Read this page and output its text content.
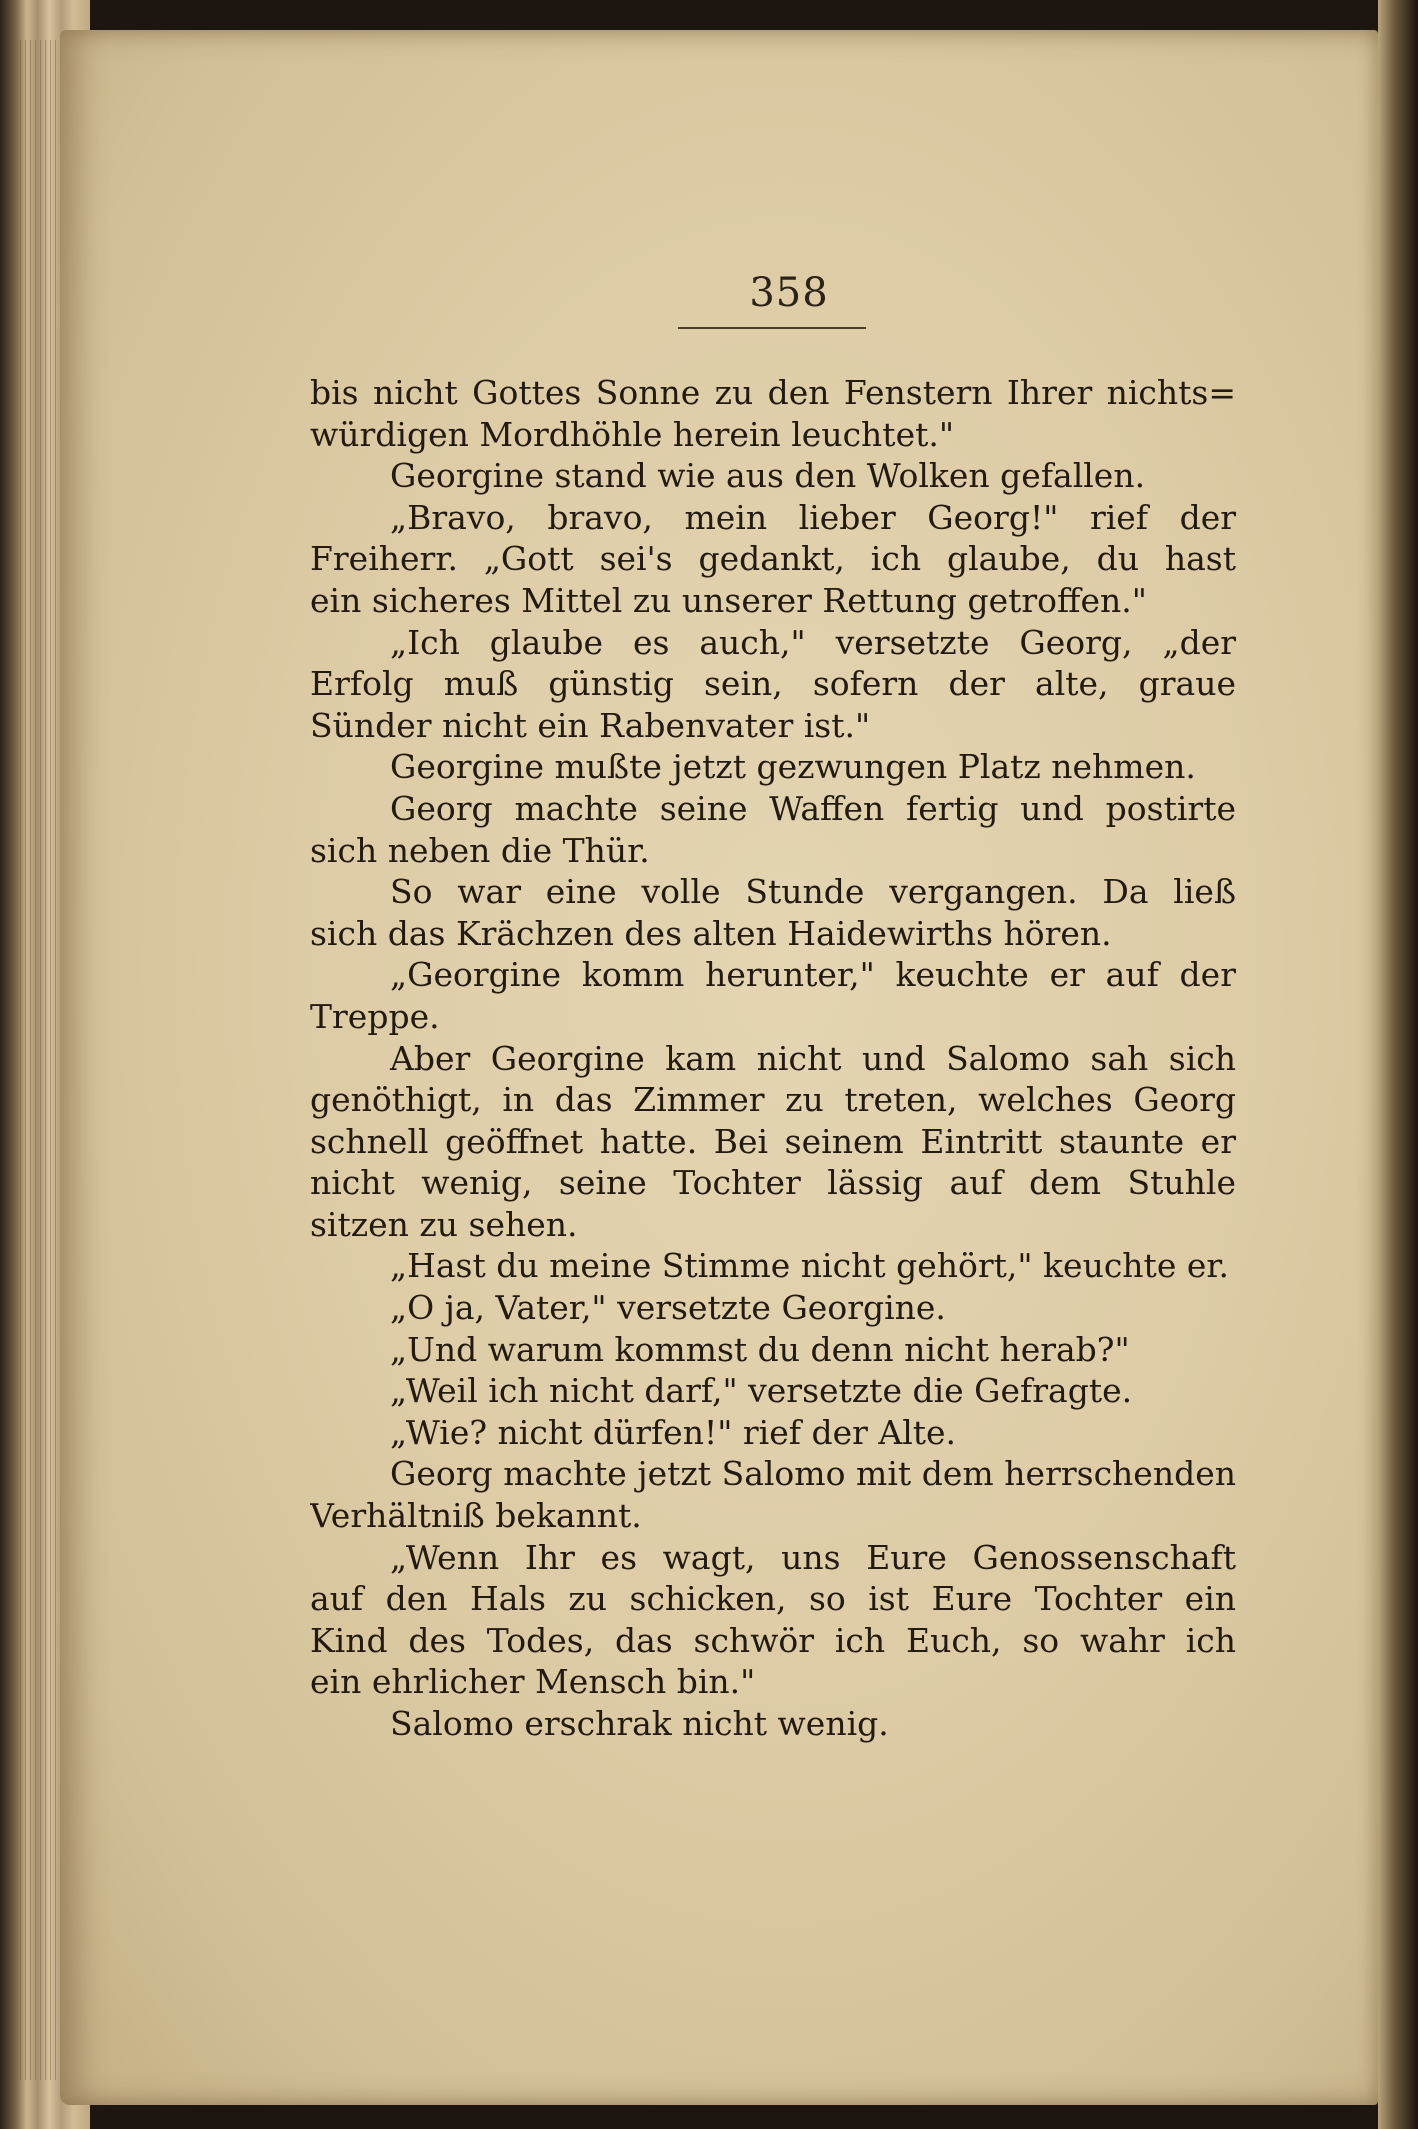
358
bis nicht Gottes Sonne zu den Fenstern Ihrer nichts=
würdigen Mordhöhle herein leuchtet."
Georgine stand wie aus den Wolken gefallen.
„Bravo, bravo, mein lieber Georg!" rief der
Freiherr. „Gott sei's gedankt, ich glaube, du hast
ein sicheres Mittel zu unserer Rettung getroffen."
„Ich glaube es auch," versetzte Georg, „der
Erfolg muß günstig sein, sofern der alte, graue
Sünder nicht ein Rabenvater ist."
Georgine mußte jetzt gezwungen Platz nehmen.
Georg machte seine Waffen fertig und postirte
sich neben die Thür.
So war eine volle Stunde vergangen. Da ließ
sich das Krächzen des alten Haidewirths hören.
„Georgine komm herunter," keuchte er auf der
Treppe.
Aber Georgine kam nicht und Salomo sah sich
genöthigt, in das Zimmer zu treten, welches Georg
schnell geöffnet hatte. Bei seinem Eintritt staunte er
nicht wenig, seine Tochter lässig auf dem Stuhle
sitzen zu sehen.
„Hast du meine Stimme nicht gehört," keuchte er.
„O ja, Vater," versetzte Georgine.
„Und warum kommst du denn nicht herab?"
„Weil ich nicht darf," versetzte die Gefragte.
„Wie? nicht dürfen!" rief der Alte.
Georg machte jetzt Salomo mit dem herrschenden
Verhältniß bekannt.
„Wenn Ihr es wagt, uns Eure Genossenschaft
auf den Hals zu schicken, so ist Eure Tochter ein
Kind des Todes, das schwör ich Euch, so wahr ich
ein ehrlicher Mensch bin."
Salomo erschrak nicht wenig.
